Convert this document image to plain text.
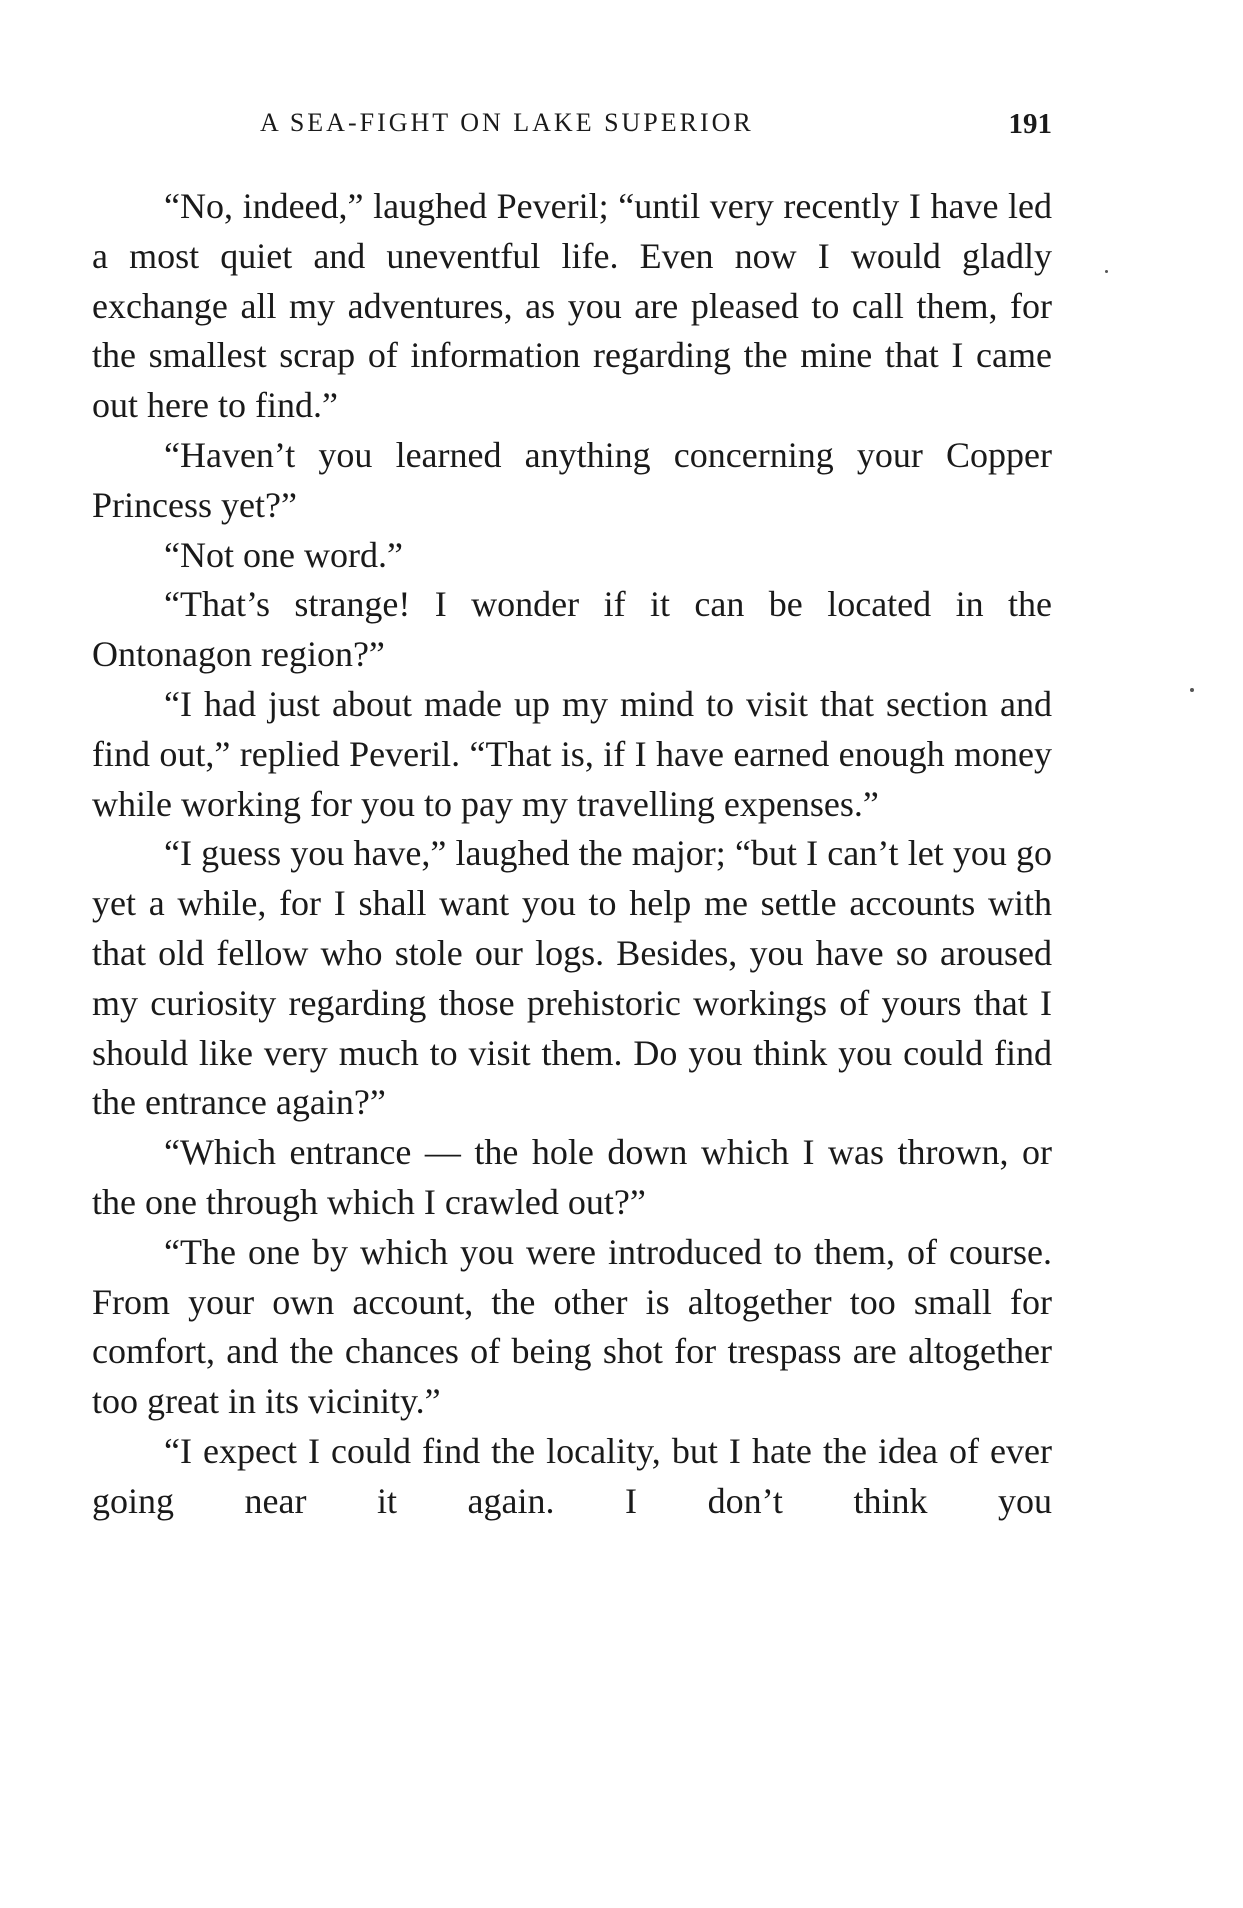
A SEA-FIGHT ON LAKE SUPERIOR	191

“No, indeed,” laughed Peveril; “until very recently I have led a most quiet and uneventful life. Even now I would gladly exchange all my adventures, as you are pleased to call them, for the smallest scrap of information regarding the mine that I came out here to find.”

“Haven’t you learned anything concerning your Copper Princess yet?”

“Not one word.”

“That’s strange! I wonder if it can be located in the Ontonagon region?”

“I had just about made up my mind to visit that section and find out,” replied Peveril. “That is, if I have earned enough money while working for you to pay my travelling expenses.”

“I guess you have,” laughed the major; “but I can’t let you go yet a while, for I shall want you to help me settle accounts with that old fellow who stole our logs. Besides, you have so aroused my curiosity regarding those prehistoric workings of yours that I should like very much to visit them. Do you think you could find the entrance again?”

“Which entrance — the hole down which I was thrown, or the one through which I crawled out?”

“The one by which you were introduced to them, of course. From your own account, the other is altogether too small for comfort, and the chances of being shot for trespass are altogether too great in its vicinity.”

“I expect I could find the locality, but I hate the idea of ever going near it again. I don’t think you
